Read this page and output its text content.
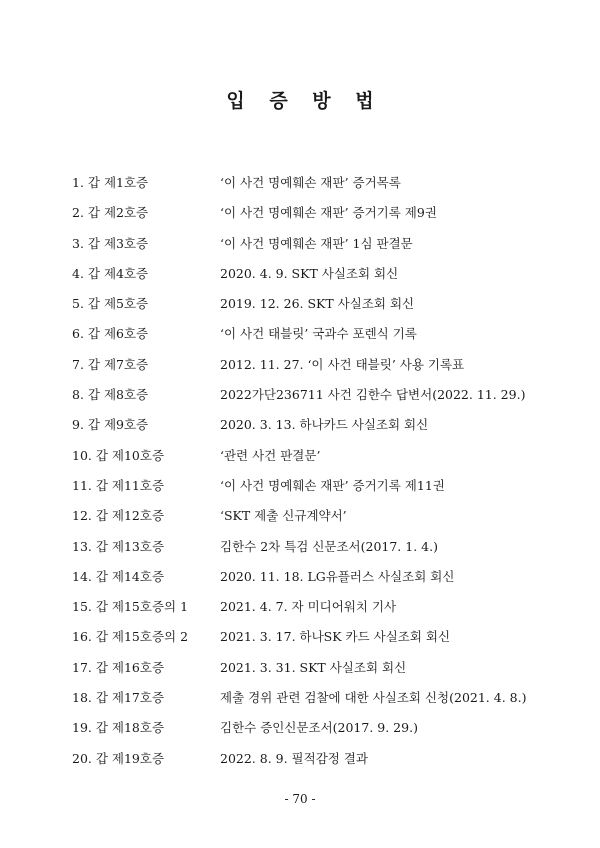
입 증 방 법
1. 갑 제1호증	‘이 사건 명예훼손 재판’ 증거목록
2. 갑 제2호증	‘이 사건 명예훼손 재판’ 증거기록 제9권
3. 갑 제3호증	‘이 사건 명예훼손 재판’ 1심 판결문
4. 갑 제4호증	2020. 4. 9. SKT 사실조회 회신
5. 갑 제5호증	2019. 12. 26. SKT 사실조회 회신
6. 갑 제6호증	‘이 사건 태블릿’ 국과수 포렌식 기록
7. 갑 제7호증	2012. 11. 27. ‘이 사건 태블릿’ 사용 기록표
8. 갑 제8호증	2022가단236711 사건 김한수 답변서(2022. 11. 29.)
9. 갑 제9호증	2020. 3. 13. 하나카드 사실조회 회신
10. 갑 제10호증	‘관련 사건 판결문’
11. 갑 제11호증	‘이 사건 명예훼손 재판’ 증거기록 제11권
12. 갑 제12호증	‘SKT 제출 신규계약서’
13. 갑 제13호증	김한수 2차 특검 신문조서(2017. 1. 4.)
14. 갑 제14호증	2020. 11. 18. LG유플러스 사실조회 회신
15. 갑 제15호증의 1	2021. 4. 7. 자 미디어워치 기사
16. 갑 제15호증의 2	2021. 3. 17. 하나SK 카드 사실조회 회신
17. 갑 제16호증	2021. 3. 31. SKT 사실조회 회신
18. 갑 제17호증	제출 경위 관련 검찰에 대한 사실조회 신청(2021. 4. 8.)
19. 갑 제18호증	김한수 증인신문조서(2017. 9. 29.)
20. 갑 제19호증	2022. 8. 9. 필적감정 결과
- 70 -
